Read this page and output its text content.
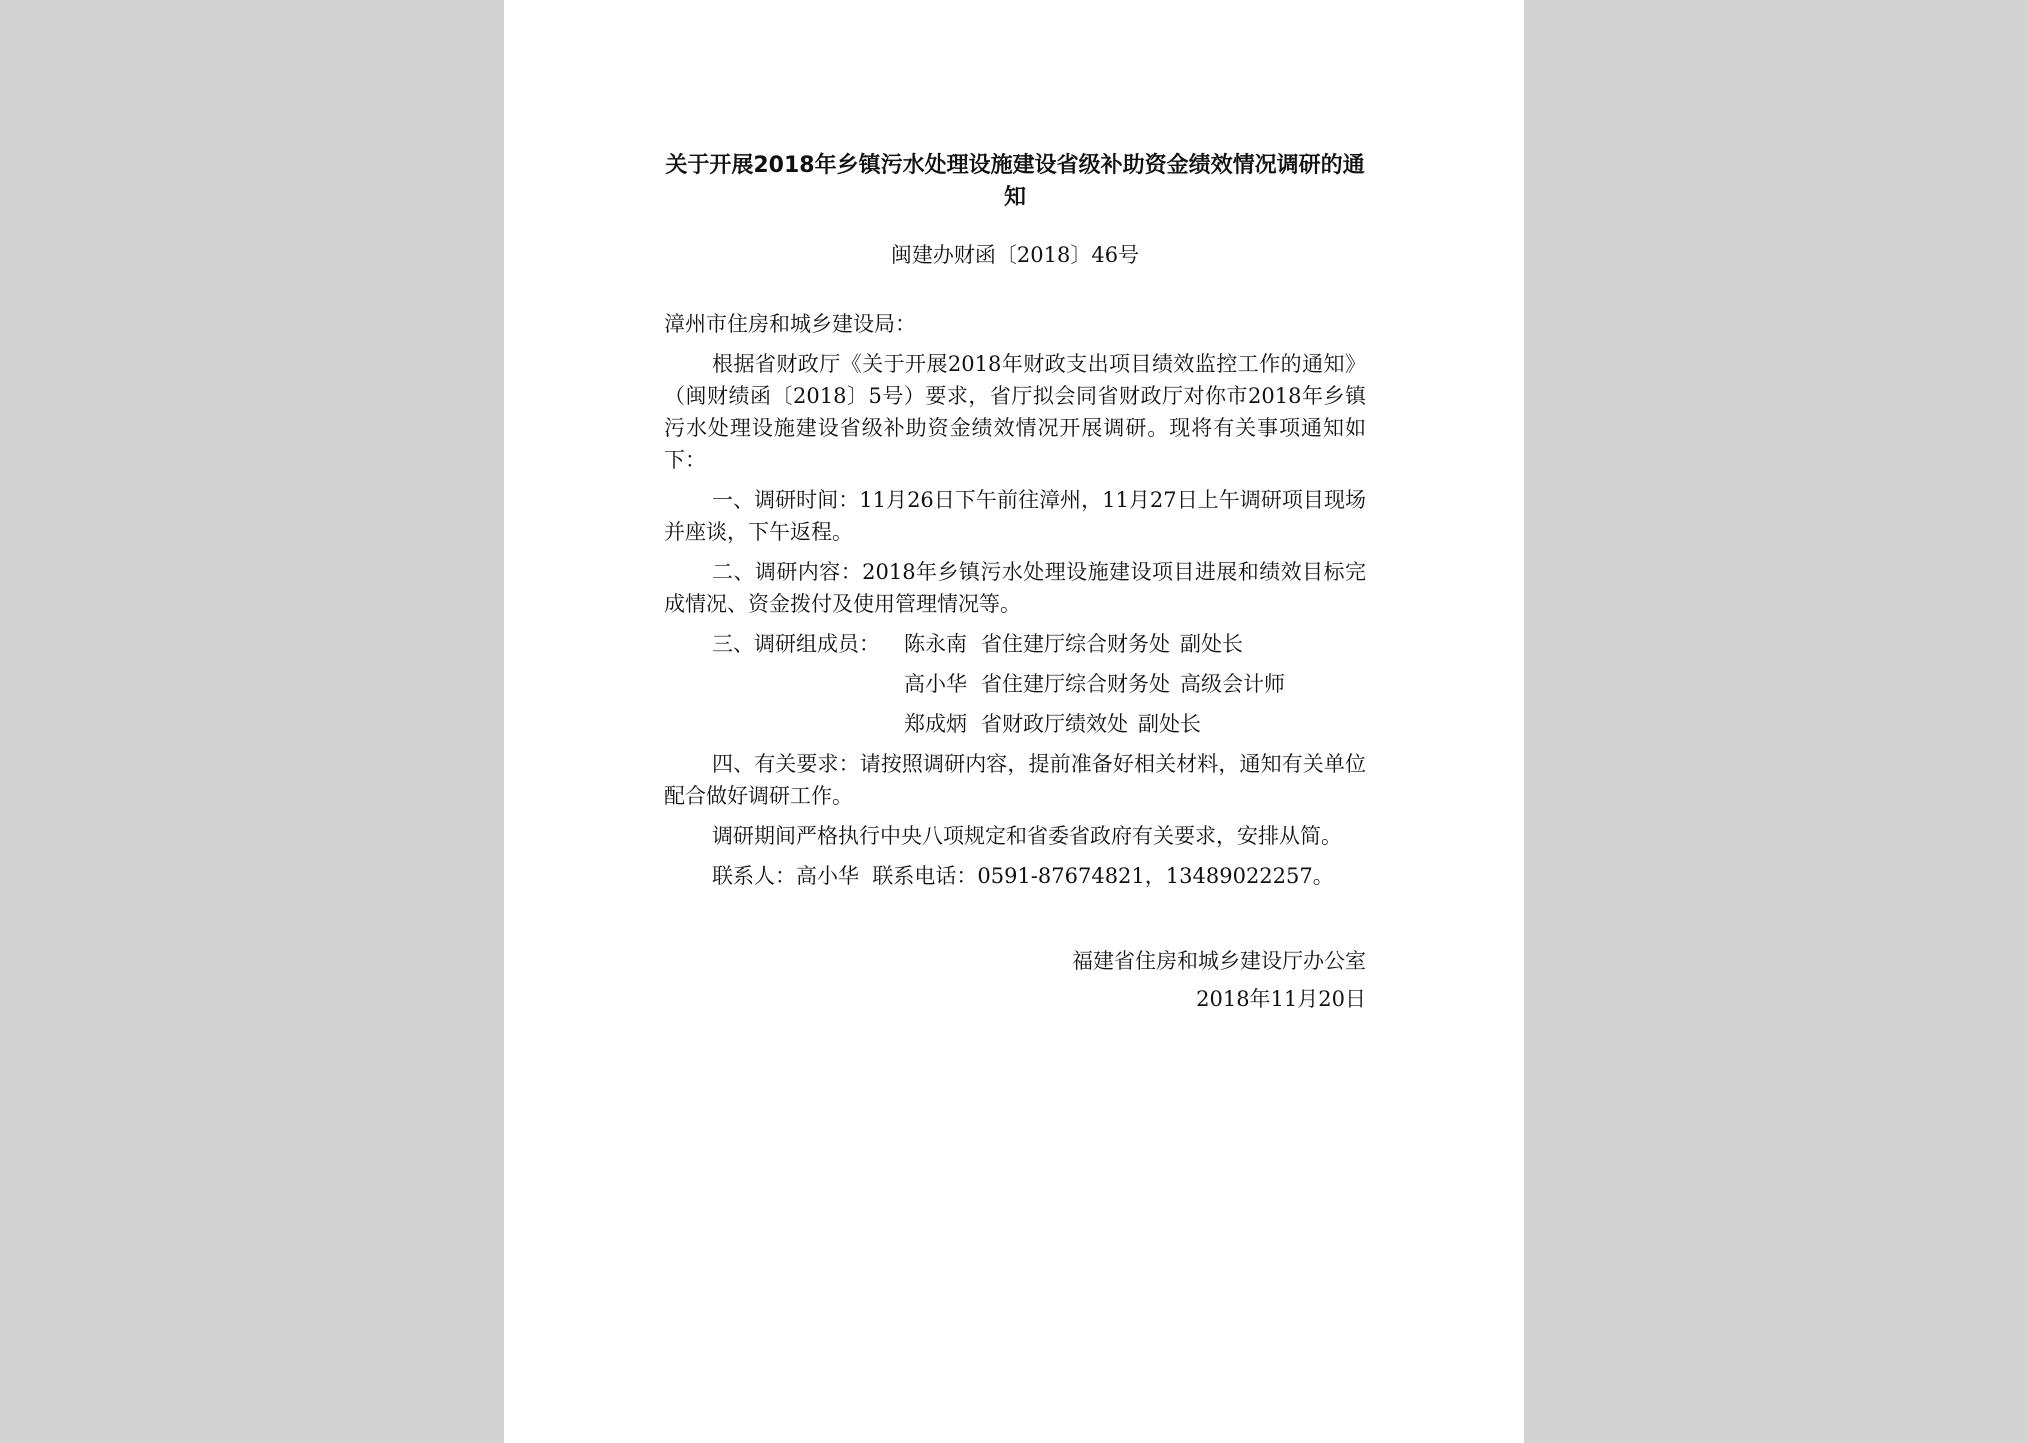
关于开展2018年乡镇污水处理设施建设省级补助资金绩效情况调研的通知
闽建办财函〔2018〕46号
漳州市住房和城乡建设局：
根据省财政厅《关于开展2018年财政支出项目绩效监控工作的通知》（闽财绩函〔2018〕5号）要求，省厅拟会同省财政厅对你市2018年乡镇污水处理设施建设省级补助资金绩效情况开展调研。现将有关事项通知如下：
一、调研时间：11月26日下午前往漳州，11月27日上午调研项目现场并座谈，下午返程。
二、调研内容：2018年乡镇污水处理设施建设项目进展和绩效目标完成情况、资金拨付及使用管理情况等。
三、调研组成员： 陈永南 省住建厅综合财务处 副处长
高小华 省住建厅综合财务处 高级会计师
郑成炳 省财政厅绩效处 副处长
四、有关要求：请按照调研内容，提前准备好相关材料，通知有关单位配合做好调研工作。
调研期间严格执行中央八项规定和省委省政府有关要求，安排从简。
联系人：高小华  联系电话：0591-87674821，13489022257。
福建省住房和城乡建设厅办公室
2018年11月20日
